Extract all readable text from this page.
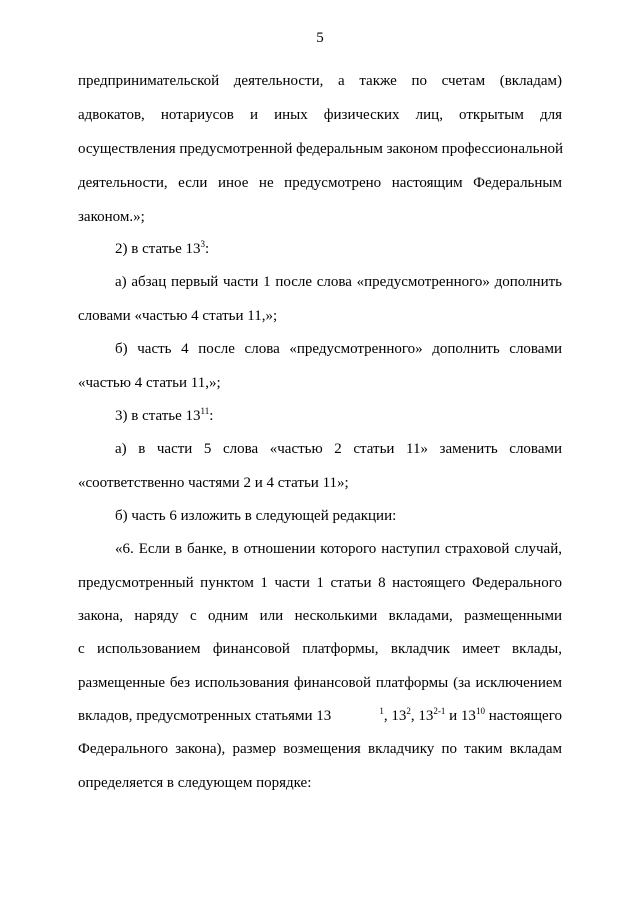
5
предпринимательской деятельности, а также по счетам (вкладам)
адвокатов, нотариусов и иных физических лиц, открытым для
осуществления предусмотренной федеральным законом профессиональной
деятельности, если иное не предусмотрено настоящим Федеральным
законом.»;
2) в статье $13^3$:
а) абзац первый части 1 после слова «предусмотренного» дополнить
словами «частью 4 статьи 11,»;
б) часть 4 после слова «предусмотренного» дополнить словами
«частью 4 статьи 11,»;
3) в статье $13^{11}$:
а) в части 5 слова «частью 2 статьи 11» заменить словами
«соответственно частями 2 и 4 статьи 11»;
б) часть 6 изложить в следующей редакции:
«6. Если в банке, в отношении которого наступил страховой случай,
предусмотренный пунктом 1 части 1 статьи 8 настоящего Федерального
закона, наряду с одним или несколькими вкладами, размещенными
с использованием финансовой платформы, вкладчик имеет вклады,
размещенные без использования финансовой платформы (за исключением
вкладов, предусмотренных статьями 13	$^1$, $13^2$, 13$^{2-1}$ и $13^{10}$ настоящего
Федерального закона), размер возмещения вкладчику по таким вкладам
определяется в следующем порядке:
